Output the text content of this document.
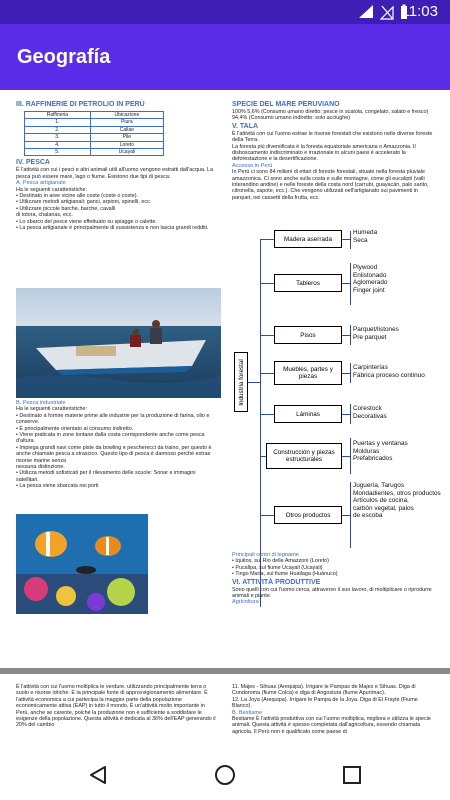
11:03
Geografía
III. RAFFINERIE DI PETROLIO IN PERÙ
Raffineria	Ubicazione
1.	Piura
2.	Callao
3.	Pile
4.	Loreto
5.	Ucayali
IV. PESCA
È l'attività con cui i pesci e altri animali utili all'uomo vengono estratti dall'acqua. La pesca può essere mare, lago o fiume. Esistono due tipi di pesca:
A. Pesca artigianale
Ha le seguenti caratteristiche:
• Destinato in aree vicine alle coste (coste o coste).
• Utilizzare metodi artigianali: ganci, arpioni, spinelli, ecc.
• Utilizzare piccole barche, barche, cavalli
di totora, chalanas, ecc.
• Lo sbarco del pesce viene effettuato su spiagge o calette.
• La pesca artigianale è principalmente di sussistenza e non lascia grandi redditi.
B. Pesca industriale
Ha le seguenti caratteristiche:
• Destinato a fornire materie prime alle industrie per la produzione di farina, olio e conserve.
• È principalmente orientato al consumo indiretto.
• Viene praticata in zone lontane dalla costa corrispondente anche come pesca d'altura.
• Impiega grandi navi come piste da bowling e pescherecci da traino, per questo è anche chiamato pesca a strascico. Questo tipo di pesca è dannoso perché estrae risorse marine senza
nessuna distinzione.
• Utilizza metodi sofisticati per il rilevamento delle scuole: Sonar e immagini satellitari.
• La pesca viene sbarcata nei porti
SPECIE DEL MARE PERUVIANO
100% 5,6% (Consumo umano diretto: pesce in scatola, congelato, salato e fresco) 94,4% (Consumo umano indiretto: solo acciughe)
V. TALA
È l'attività con cui l'uomo estrae le risorse forestali che esistono nelle diverse foreste della Terra.
La foresta più diversificata è la foresta equatoriale americana o Amazzonia. Il disboscamento indiscriminato e irrazionale in alcuni paesi è accelerato la deforestazione e la desertificazione.
Accesso in Perù
In Perù ci sono 84 milioni di ettari di foreste forestali, situate nella foresta pluviale amazzonica. Ci sono anche sulla costa e sulle montagne, come gli eucalipti (valli interandino andine) e nelle foreste della costa nord (carrubi, guayacán, palo santo, citronella, sapote, ecc.). Che vengono utilizzati nell'artigianato sui pavimenti in parquet, nei cassetti della frutta, ecc.
Industria forestal
Madera aserrada
Tableros
Pisos
Muebles, partes y piezas
Láminas
Construcción y piezas estructurales
Otros productos
Humeda
Seca
Plywood
Enlistonado
Aglomerado
Finger joint
Parquet/listones
Pre parquet
Carpinterías
Fábrica proceso continuo
Corestock
Decorativas
Puertas y ventanas
Molduras
Prefabricados
Juguería, Tarugos
Mondadientes, otros productos
Artículos de cocina,
carbón vegetal, palos
de escoba
Principali centri di legname
• Iquitos, sul Rio delle Amazzoni (Loreto)
• Pucallpa, sul fiume Ucayali (Ucayali)
• Tingo Maria, sul fiume Huallaga (Huánuco)
VI. ATTIVITÀ PRODUTTIVE
Sono quelli con cui l'uomo cerca, attraverso il suo lavoro, di moltiplicare o riprodurre animali e piante.
Agricoltura
È l'attività con cui l'uomo moltiplica le verdure, utilizzando principalmente terra o suolo e risorse idriche. È la principale fonte di approvvigionamento alimentare. È l'attività economica a cui partecipa la maggior parte della popolazione economicamente attiva (EAP) in tutto il mondo. È un'attività molto importante in Perù, anche se carente, poiché la produzione non è sufficiente a soddisfare le esigenze della popolazione. Questa attività è dedicata al 36% dell'EAP generando il 20% del cambio
11. Majes - Sihuas (Arequipa). Irrigare le Pampas de Majes e Sihuas. Diga di Condoroma (fiume Colca) e diga di Angostura (fiume Apurímac).
12. La Joya (Arequipa). Irrigare le Pampa de la Joya. Diga di El Frayle (Fiume Blanco).
B. Bestiame
Bestiame È l'attività produttiva con cui l'uomo moltiplica, migliora e utilizza le specie animali. Questa attività è spesso completata dall'agricoltura, essendo chiamata agricola. Il Perù non è qualificato come paese di
